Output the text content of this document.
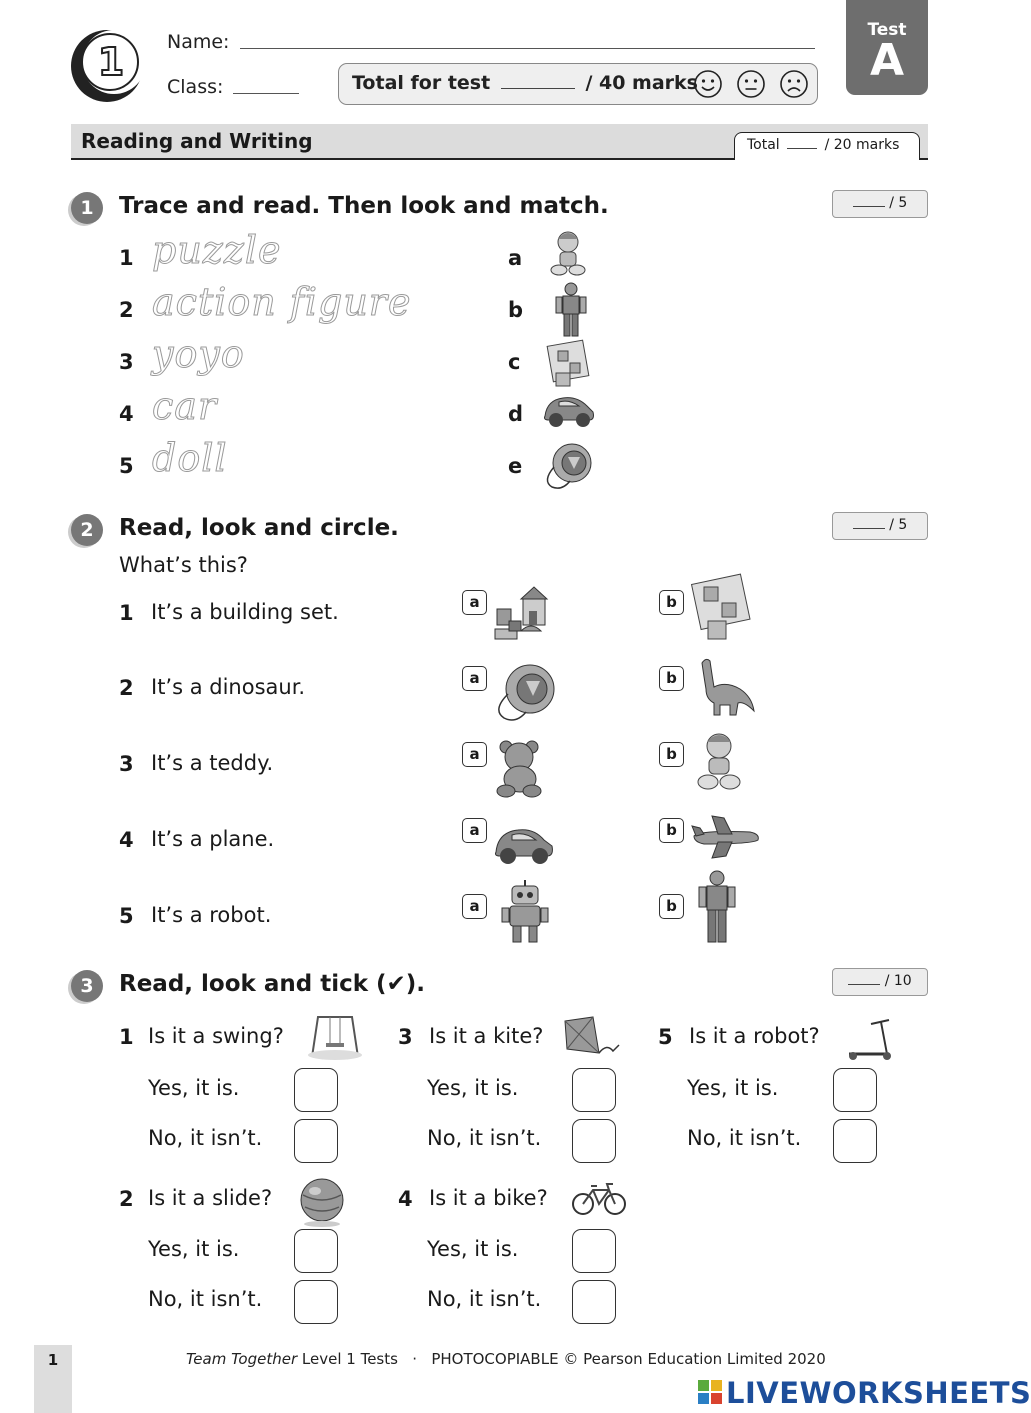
1	Name:
Class:	Total for test	/ 40 marks
Test
A
Reading and Writing	Total	/ 20 marks
1	Trace and read. Then look and match.	/ 5
1 puzzle
2 action figure
3 yoyo
4 car
5 doll
a
b
c
d
e
2	Read, look and circle.	/ 5
What’s this?
1 It’s a building set.
2 It’s a dinosaur.
3 It’s a teddy.
4 It’s a plane.
5 It’s a robot.
a	b
a	b
a	b
a	b
a	b
3	Read, look and tick (✔).	/ 10
1 Is it a swing?
Yes, it is.
No, it isn’t.
2 Is it a slide?
Yes, it is.
No, it isn’t.
3 Is it a kite?
Yes, it is.
No, it isn’t.
4 Is it a bike?
Yes, it is.
No, it isn’t.
5 Is it a robot?
Yes, it is.
No, it isn’t.
1	Team Together Level 1 Tests   ·   PHOTOCOPIABLE © Pearson Education Limited 2020
LIVEWORKSHEETS
